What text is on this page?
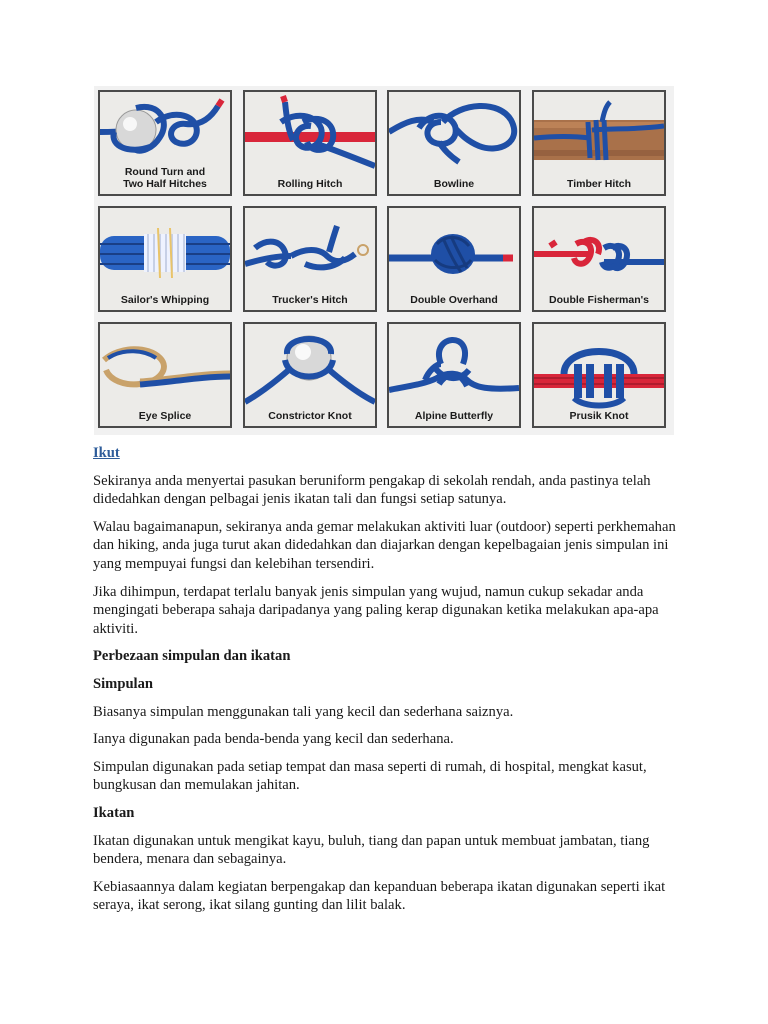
Round Turn and
Two Half Hitches	Rolling Hitch	Bowline	Timber Hitch
Sailor's Whipping	Trucker's Hitch	Double Overhand	Double Fisherman's
Eye Splice	Constrictor Knot	Alpine Butterfly	Prusik Knot

Ikut

Sekiranya anda menyertai pasukan beruniform pengakap di sekolah rendah, anda pastinya telah didedahkan dengan pelbagai jenis ikatan tali dan fungsi setiap satunya.

Walau bagaimanapun, sekiranya anda gemar melakukan aktiviti luar (outdoor) seperti perkhemahan dan hiking, anda juga turut akan didedahkan dan diajarkan dengan kepelbagaian jenis simpulan ini yang mempuyai fungsi dan kelebihan tersendiri.

Jika dihimpun, terdapat terlalu banyak jenis simpulan yang wujud, namun cukup sekadar anda mengingati beberapa sahaja daripadanya yang paling kerap digunakan ketika melakukan apa-apa aktiviti.

Perbezaan simpulan dan ikatan

Simpulan

Biasanya simpulan menggunakan tali yang kecil dan sederhana saiznya.

Ianya digunakan pada benda-benda yang kecil dan sederhana.

Simpulan digunakan pada setiap tempat dan masa seperti di rumah, di hospital, mengkat kasut, bungkusan dan memulakan jahitan.

Ikatan

Ikatan digunakan untuk mengikat kayu, buluh, tiang dan papan untuk membuat jambatan, tiang bendera, menara dan sebagainya.

Kebiasaannya dalam kegiatan berpengakap dan kepanduan beberapa ikatan digunakan seperti ikat seraya, ikat serong, ikat silang gunting dan lilit balak.
